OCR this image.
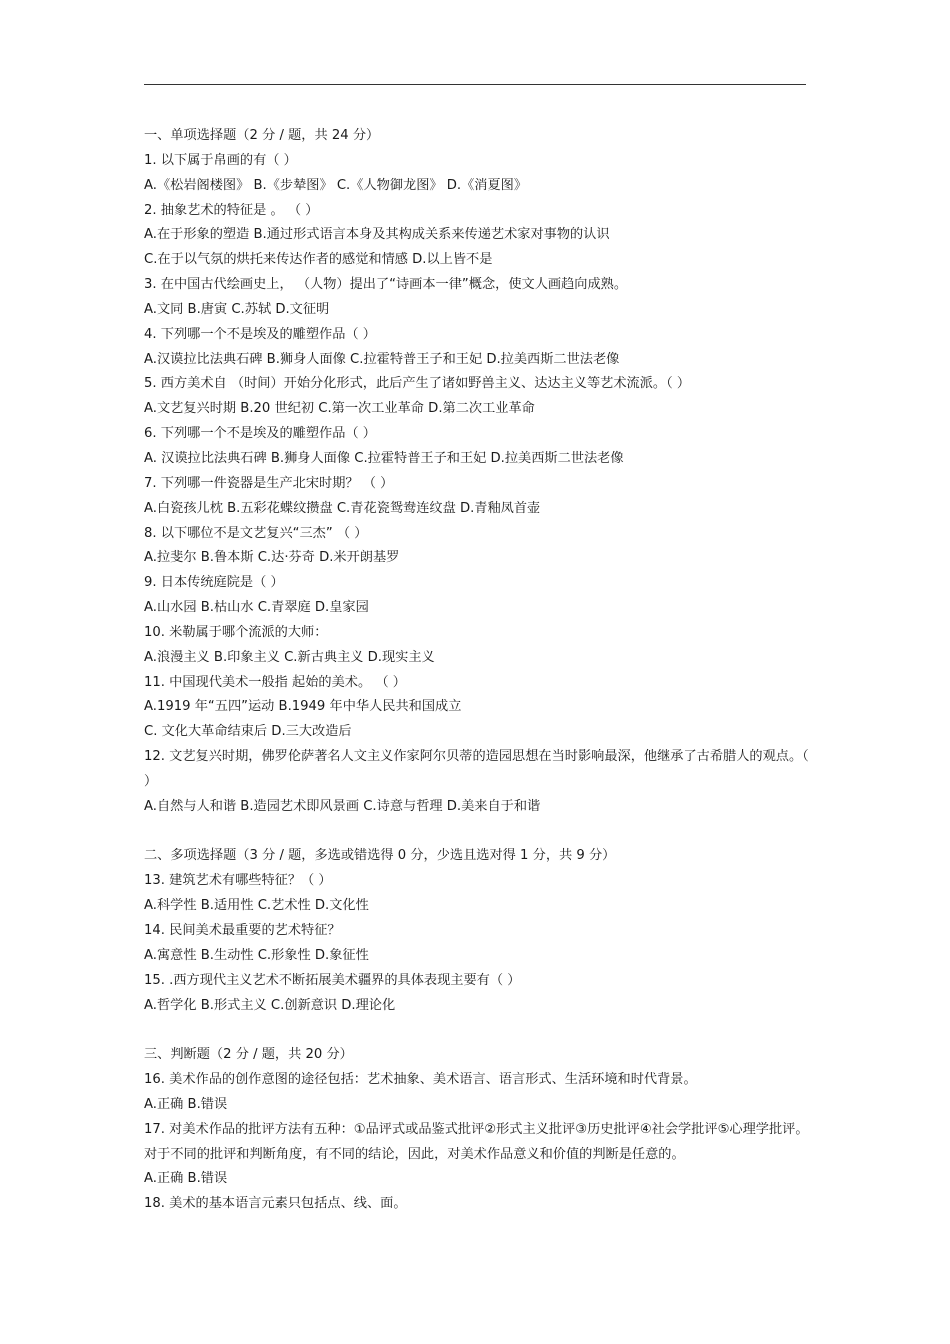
一、单项选择题（2 分 / 题，共 24 分）
1. 以下属于帛画的有（ ）
A.《松岩阁楼图》 B.《步辇图》 C.《人物御龙图》 D.《消夏图》
2. 抽象艺术的特征是 。 （ ）
A.在于形象的塑造 B.通过形式语言本身及其构成关系来传递艺术家对事物的认识
C.在于以气氛的烘托来传达作者的感觉和情感 D.以上皆不是
3. 在中国古代绘画史上， （人物）提出了“诗画本一律”概念，使文人画趋向成熟。
A.文同 B.唐寅 C.苏轼 D.文征明
4. 下列哪一个不是埃及的雕塑作品（ ）
A.汉谟拉比法典石碑 B.狮身人面像 C.拉霍特普王子和王妃 D.拉美西斯二世法老像
5. 西方美术自 （时间）开始分化形式，此后产生了诸如野兽主义、达达主义等艺术流派。（ ）
A.文艺复兴时期 B.20 世纪初 C.第一次工业革命 D.第二次工业革命
6. 下列哪一个不是埃及的雕塑作品（ ）
A. 汉谟拉比法典石碑 B.狮身人面像 C.拉霍特普王子和王妃 D.拉美西斯二世法老像
7. 下列哪一件瓷器是生产北宋时期？ （ ）
A.白瓷孩儿枕 B.五彩花蝶纹攒盘 C.青花瓷鸳鸯连纹盘 D.青釉凤首壶
8. 以下哪位不是文艺复兴“三杰” （ ）
A.拉斐尔 B.鲁本斯 C.达·芬奇 D.米开朗基罗
9. 日本传统庭院是（ ）
A.山水园 B.枯山水 C.青翠庭 D.皇家园
10. 米勒属于哪个流派的大师：
A.浪漫主义 B.印象主义 C.新古典主义 D.现实主义
11. 中国现代美术一般指 起始的美术。 （ ）
A.1919 年“五四”运动 B.1949 年中华人民共和国成立
C. 文化大革命结束后 D.三大改造后
12. 文艺复兴时期，佛罗伦萨著名人文主义作家阿尔贝蒂的造园思想在当时影响最深，他继承了古希腊人的观点。（ ）
A.自然与人和谐 B.造园艺术即风景画 C.诗意与哲理 D.美来自于和谐
二、多项选择题（3 分 / 题，多选或错选得 0 分，少选且选对得 1 分，共 9 分）
13. 建筑艺术有哪些特征？（ ）
A.科学性 B.适用性 C.艺术性 D.文化性
14. 民间美术最重要的艺术特征？
A.寓意性 B.生动性 C.形象性 D.象征性
15. .西方现代主义艺术不断拓展美术疆界的具体表现主要有（ ）
A.哲学化 B.形式主义 C.创新意识 D.理论化
三、判断题（2 分 / 题，共 20 分）
16. 美术作品的创作意图的途径包括：艺术抽象、美术语言、语言形式、生活环境和时代背景。
A.正确 B.错误
17. 对美术作品的批评方法有五种：①品评式或品鉴式批评②形式主义批评③历史批评④社会学批评⑤心理学批评。对于不同的批评和判断角度，有不同的结论，因此，对美术作品意义和价值的判断是任意的。
A.正确 B.错误
18. 美术的基本语言元素只包括点、线、面。
